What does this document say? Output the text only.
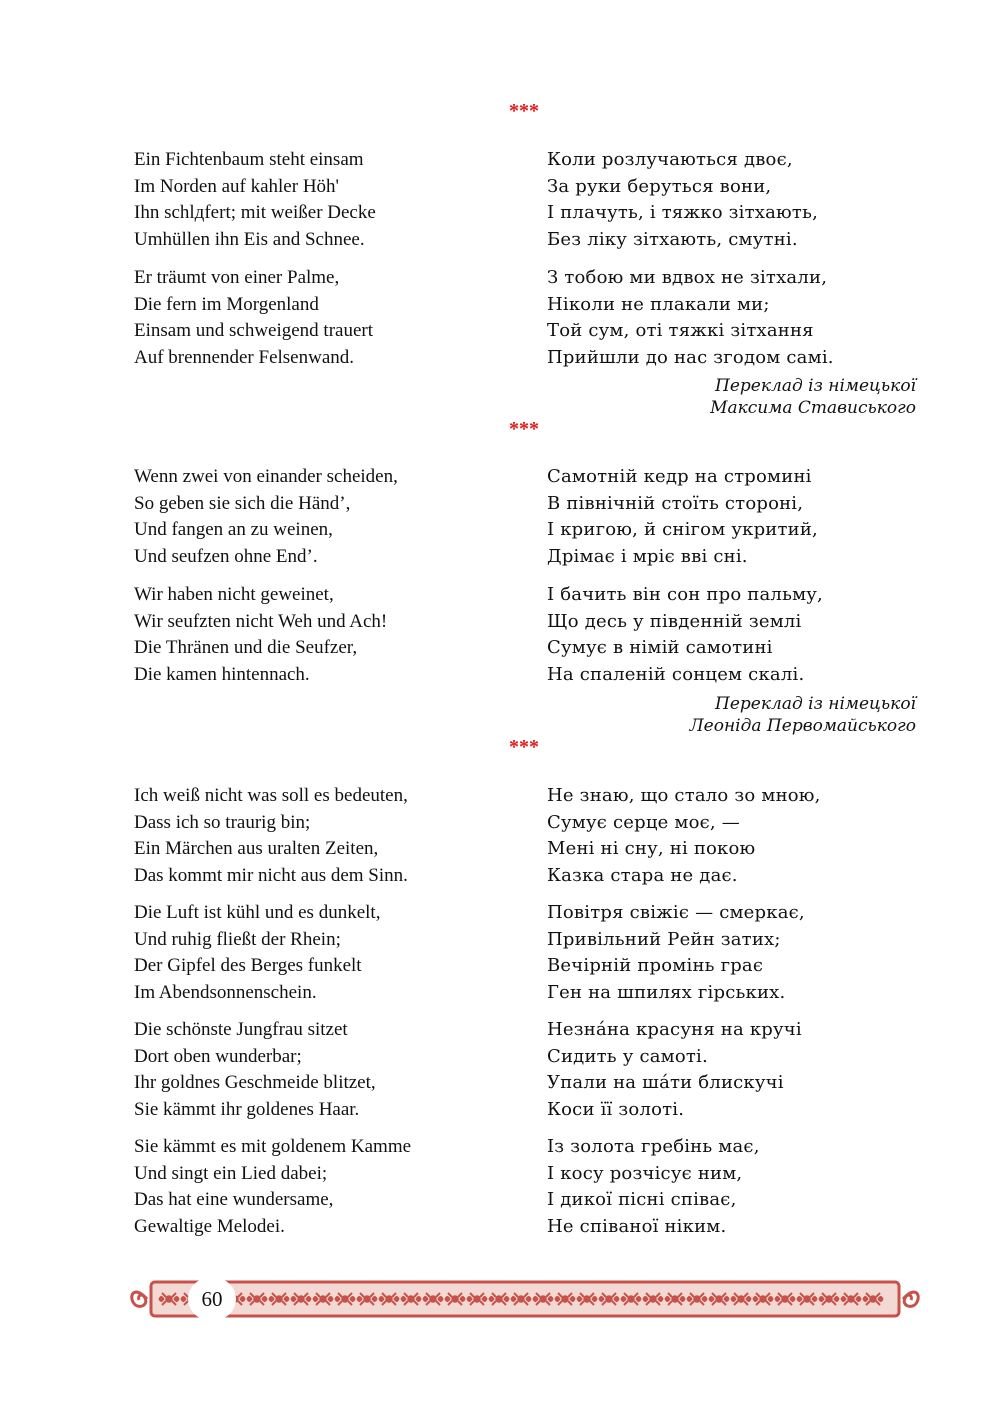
***
Ein Fichtenbaum steht einsam
Im Norden auf kahler Höh'
Ihn schlдfert; mit weißer Decke
Umhüllen ihn Eis and Schnee.
Er träumt von einer Palme,
Die fern im Morgenland
Einsam und schweigend trauert
Auf brennender Felsenwand.
Коли розлучаються двоє,
За руки беруться вони,
І плачуть, і тяжко зітхають,
Без ліку зітхають, смутні.
З тобою ми вдвох не зітхали,
Ніколи не плакали ми;
Той сум, оті тяжкі зітхання
Прийшли до нас згодом самі.
Переклад із німецької
Максима Стависького
***
Wenn zwei von einander scheiden,
So geben sie sich die Händ’,
Und fangen an zu weinen,
Und seufzen ohne End’.
Wir haben nicht geweinet,
Wir seufzten nicht Weh und Ach!
Die Thränen und die Seufzer,
Die kamen hintennach.
Самотній кедр на стромині
В північній стоїть стороні,
І кригою, й снігом укритий,
Дрімає і мріє вві сні.
І бачить він сон про пальму,
Що десь у південній землі
Сумує в німій самотині
На спаленій сонцем скалі.
Переклад із німецької
Леоніда Первомайського
***
Ich weiß nicht was soll es bedeuten,
Dass ich so traurig bin;
Ein Märchen aus uralten Zeiten,
Das kommt mir nicht aus dem Sinn.
Die Luft ist kühl und es dunkelt,
Und ruhig fließt der Rhein;
Der Gipfel des Berges funkelt
Im Abendsonnenschein.
Die schönste Jungfrau sitzet
Dort oben wunderbar;
Ihr goldnes Geschmeide blitzet,
Sie kämmt ihr goldenes Haar.
Sie kämmt es mit goldenem Kamme
Und singt ein Lied dabei;
Das hat eine wundersame,
Gewaltige Melodei.
Не знаю, що стало зо мною,
Сумує серце моє, —
Мені ні сну, ні покою
Казка стара не дає.
Повітря свіжіє — смеркає,
Привільний Рейн затих;
Вечірній промінь грає
Ген на шпилях гірських.
Незна́на красуня на кручі
Сидить у самоті.
Упали на ша́ти блискучі
Коси її золоті.
Із золота гребінь має,
І косу розчісує ним,
І дикої пісні співає,
Не співаної ніким.
60
